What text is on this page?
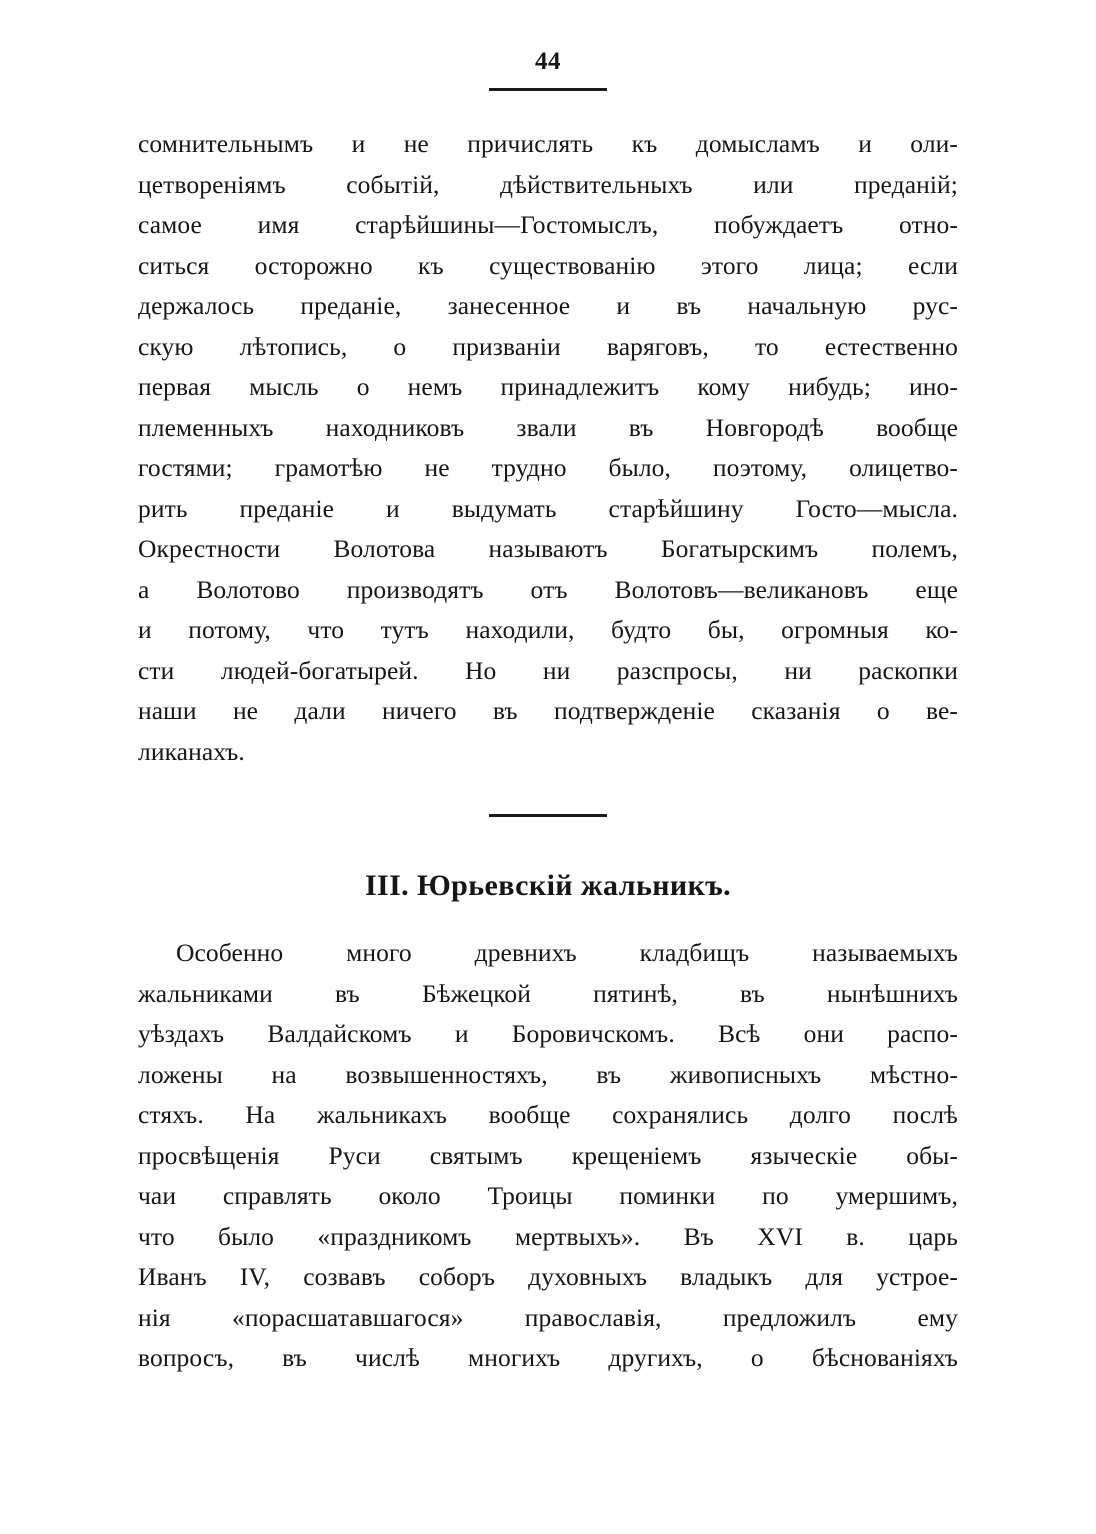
44

сомнительнымъ и не причислять къ домысламъ и оли-
цетвореніямъ событій, дѣйствительныхъ или преданій;
самое имя старѣйшины—Гостомыслъ, побуждаетъ отно-
ситься осторожно къ существованію этого лица; если
держалось преданіе, занесенное и въ начальную рус-
скую лѣтопись, о призваніи варяговъ, то естественно
первая мысль о немъ принадлежитъ кому нибудь; ино-
племенныхъ находниковъ звали въ Новгородѣ вообще
гостями; грамотѣю не трудно было, поэтому, олицетво-
рить преданіе и выдумать старѣйшину Госто—мысла.
Окрестности Волотова называютъ Богатырскимъ полемъ,
а Волотово производятъ отъ Волотовъ—великановъ еще
и потому, что тутъ находили, будто бы, огромныя ко-
сти людей-богатырей. Но ни разспросы, ни раскопки
наши не дали ничего въ подтвержденіе сказанія о ве-
ликанахъ.

III. Юрьевскій жальникъ.

Особенно много древнихъ кладбищъ называемыхъ
жальниками въ Бѣжецкой пятинѣ, въ нынѣшнихъ
уѣздахъ Валдайскомъ и Боровичскомъ. Всѣ они распо-
ложены на возвышенностяхъ, въ живописныхъ мѣстно-
стяхъ. На жальникахъ вообще сохранялись долго послѣ
просвѣщенія Руси святымъ крещеніемъ языческіе обы-
чаи справлять около Троицы поминки по умершимъ,
что было «праздникомъ мертвыхъ». Въ XVI в. царь
Иванъ IV, созвавъ соборъ духовныхъ владыкъ для устрое-
нія «порасшатавшагося» православія, предложилъ ему
вопросъ, въ числѣ многихъ другихъ, о бѣснованіяхъ
